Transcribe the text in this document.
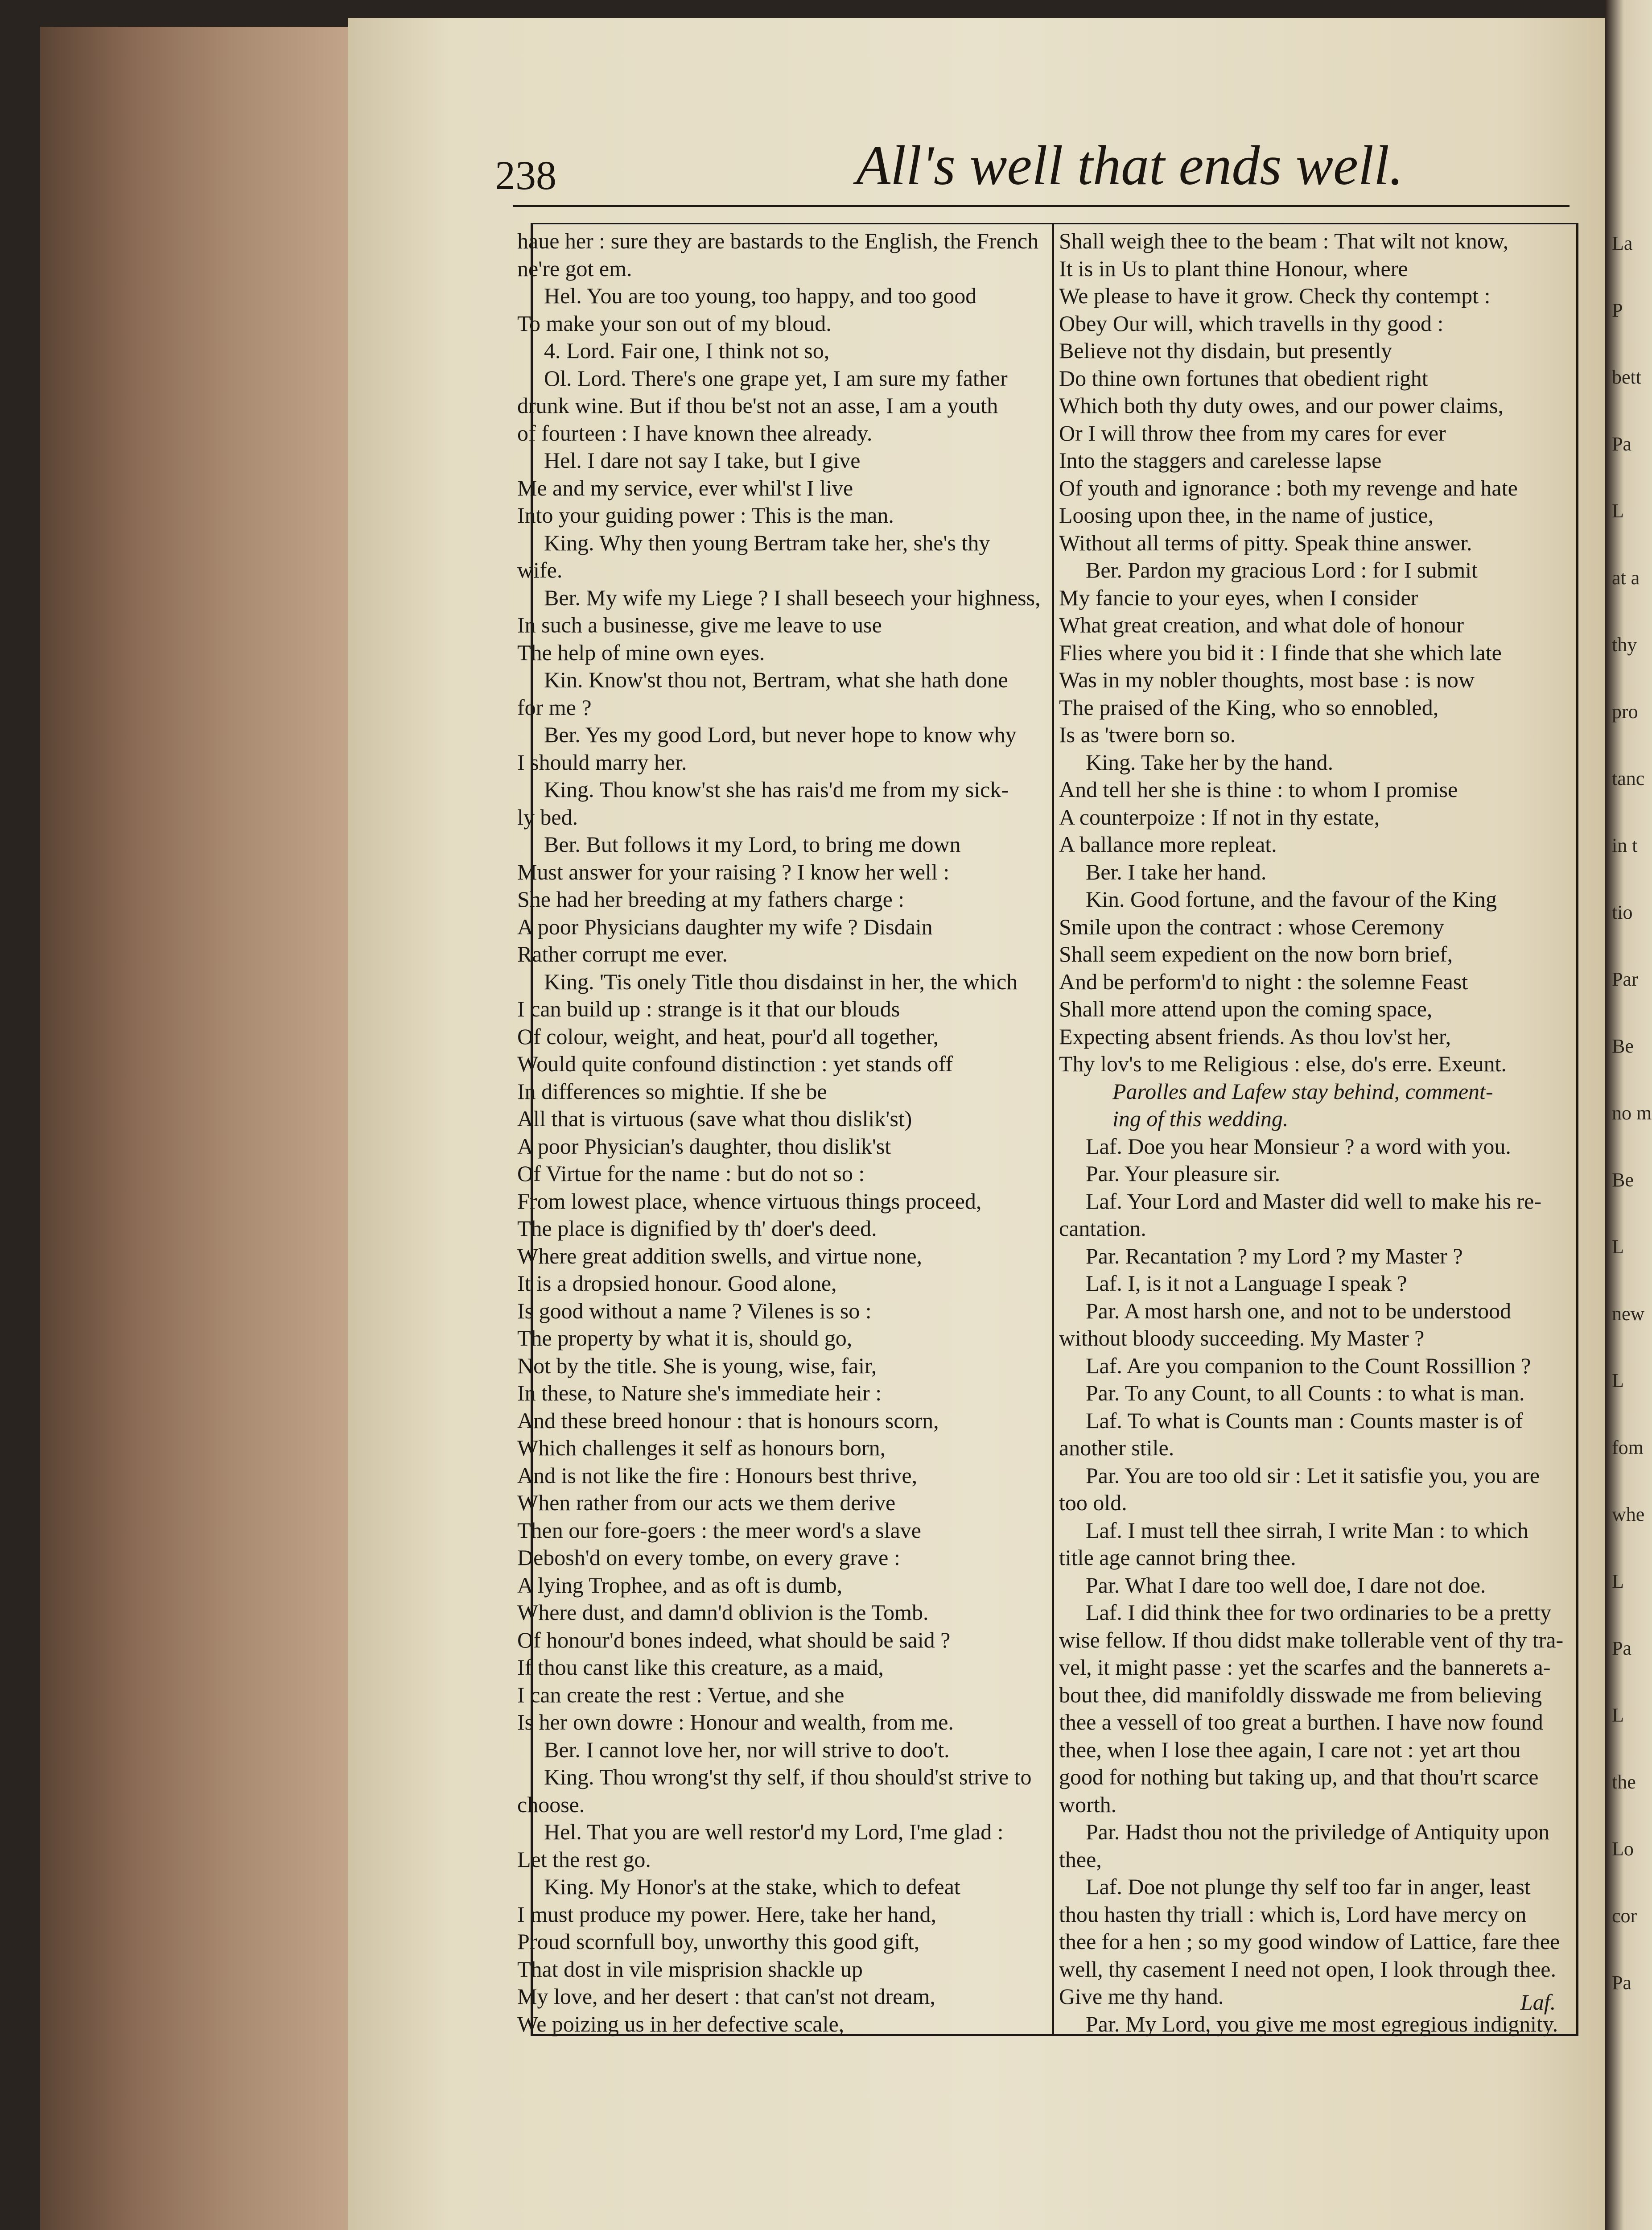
238	All's well that ends well.
haue her : sure they are bastards to the English, the French
ne're got em.
Hel. You are too young, too happy, and too good
To make your son out of my bloud.
4. Lord. Fair one, I think not so,
Ol. Lord. There's one grape yet, I am sure my father
drunk wine. But if thou be'st not an asse, I am a youth
of fourteen : I have known thee already.
Hel. I dare not say I take, but I give
Me and my service, ever whil'st I live
Into your guiding power : This is the man.
King. Why then young Bertram take her, she's thy
wife.
Ber. My wife my Liege ? I shall beseech your highness,
In such a businesse, give me leave to use
The help of mine own eyes.
Kin. Know'st thou not, Bertram, what she hath done
for me ?
Ber. Yes my good Lord, but never hope to know why
I should marry her.
King. Thou know'st she has rais'd me from my sick-
ly bed.
Ber. But follows it my Lord, to bring me down
Must answer for your raising ? I know her well :
She had her breeding at my fathers charge :
A poor Physicians daughter my wife ? Disdain
Rather corrupt me ever.
King. 'Tis onely Title thou disdainst in her, the which
I can build up : strange is it that our blouds
Of colour, weight, and heat, pour'd all together,
Would quite confound distinction : yet stands off
In differences so mightie. If she be
All that is virtuous (save what thou dislik'st)
A poor Physician's daughter, thou dislik'st
Of Virtue for the name : but do not so :
From lowest place, whence virtuous things proceed,
The place is dignified by th' doer's deed.
Where great addition swells, and virtue none,
It is a dropsied honour. Good alone,
Is good without a name ? Vilenes is so :
The property by what it is, should go,
Not by the title. She is young, wise, fair,
In these, to Nature she's immediate heir :
And these breed honour : that is honours scorn,
Which challenges it self as honours born,
And is not like the fire : Honours best thrive,
When rather from our acts we them derive
Then our fore-goers : the meer word's a slave
Debosh'd on every tombe, on every grave :
A lying Trophee, and as oft is dumb,
Where dust, and damn'd oblivion is the Tomb.
Of honour'd bones indeed, what should be said ?
If thou canst like this creature, as a maid,
I can create the rest : Vertue, and she
Is her own dowre : Honour and wealth, from me.
Ber. I cannot love her, nor will strive to doo't.
King. Thou wrong'st thy self, if thou should'st strive to
choose.
Hel. That you are well restor'd my Lord, I'me glad :
Let the rest go.
King. My Honor's at the stake, which to defeat
I must produce my power. Here, take her hand,
Proud scornfull boy, unworthy this good gift,
That dost in vile misprision shackle up
My love, and her desert : that can'st not dream,
We poizing us in her defective scale,
Shall weigh thee to the beam : That wilt not know,
It is in Us to plant thine Honour, where
We please to have it grow. Check thy contempt :
Obey Our will, which travells in thy good :
Believe not thy disdain, but presently
Do thine own fortunes that obedient right
Which both thy duty owes, and our power claims,
Or I will throw thee from my cares for ever
Into the staggers and carelesse lapse
Of youth and ignorance : both my revenge and hate
Loosing upon thee, in the name of justice,
Without all terms of pitty. Speak thine answer.
Ber. Pardon my gracious Lord : for I submit
My fancie to your eyes, when I consider
What great creation, and what dole of honour
Flies where you bid it : I finde that she which late
Was in my nobler thoughts, most base : is now
The praised of the King, who so ennobled,
Is as 'twere born so.
King. Take her by the hand.
And tell her she is thine : to whom I promise
A counterpoize : If not in thy estate,
A ballance more repleat.
Ber. I take her hand.
Kin. Good fortune, and the favour of the King
Smile upon the contract : whose Ceremony
Shall seem expedient on the now born brief,
And be perform'd to night : the solemne Feast
Shall more attend upon the coming space,
Expecting absent friends. As thou lov'st her,
Thy lov's to me Religious : else, do's erre. Exeunt.
Parolles and Lafew stay behind, comment-
ing of this wedding.
Laf. Doe you hear Monsieur ? a word with you.
Par. Your pleasure sir.
Laf. Your Lord and Master did well to make his re-
cantation.
Par. Recantation ? my Lord ? my Master ?
Laf. I, is it not a Language I speak ?
Par. A most harsh one, and not to be understood
without bloody succeeding. My Master ?
Laf. Are you companion to the Count Rossillion ?
Par. To any Count, to all Counts : to what is man.
Laf. To what is Counts man : Counts master is of
another stile.
Par. You are too old sir : Let it satisfie you, you are
too old.
Laf. I must tell thee sirrah, I write Man : to which
title age cannot bring thee.
Par. What I dare too well doe, I dare not doe.
Laf. I did think thee for two ordinaries to be a pretty
wise fellow. If thou didst make tollerable vent of thy tra-
vel, it might passe : yet the scarfes and the bannerets a-
bout thee, did manifoldly disswade me from believing
thee a vessell of too great a burthen. I have now found
thee, when I lose thee again, I care not : yet art thou
good for nothing but taking up, and that thou'rt scarce
worth.
Par. Hadst thou not the priviledge of Antiquity upon
thee,
Laf. Doe not plunge thy self too far in anger, least
thou hasten thy triall : which is, Lord have mercy on
thee for a hen ; so my good window of Lattice, fare thee
well, thy casement I need not open, I look through thee.
Give me thy hand.
Par. My Lord, you give me most egregious indignity.
Laf.
La
P
bett
Pa
L
at a
thy
pro
tanc
in t
tio
Par
Be
no m
Be
L
new
L
fom
whe
L
Pa
L
the
Lo
cor
Pa
